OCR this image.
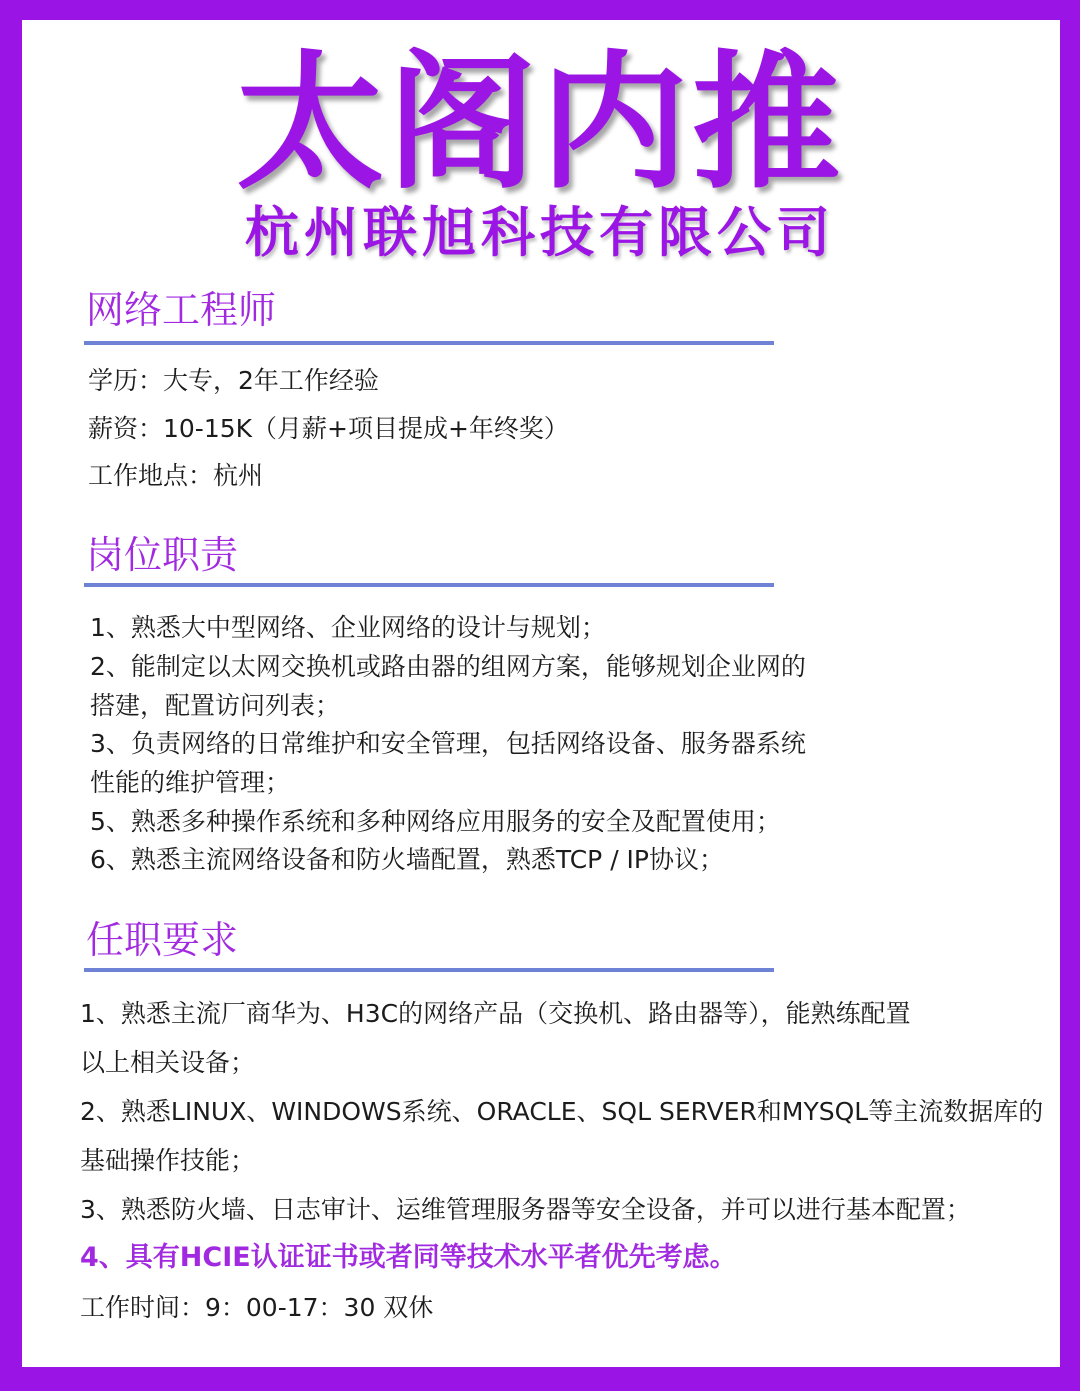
太阁内推
杭州联旭科技有限公司
网络工程师
学历：大专，2年工作经验
薪资：10-15K（月薪+项目提成+年终奖）
工作地点：杭州
岗位职责
1、熟悉大中型网络、企业网络的设计与规划；
2、能制定以太网交换机或路由器的组网方案，能够规划企业网的
搭建，配置访问列表；
3、负责网络的日常维护和安全管理，包括网络设备、服务器系统
性能的维护管理；
5、熟悉多种操作系统和多种网络应用服务的安全及配置使用；
6、熟悉主流网络设备和防火墙配置，熟悉TCP / IP协议；
任职要求
1、熟悉主流厂商华为、H3C的网络产品（交换机、路由器等），能熟练配置
以上相关设备；
2、熟悉LINUX、WINDOWS系统、ORACLE、SQL SERVER和MYSQL等主流数据库的
基础操作技能；
3、熟悉防火墙、日志审计、运维管理服务器等安全设备，并可以进行基本配置；
4、具有HCIE认证证书或者同等技术水平者优先考虑。
工作时间：9：00-17：30 双休
